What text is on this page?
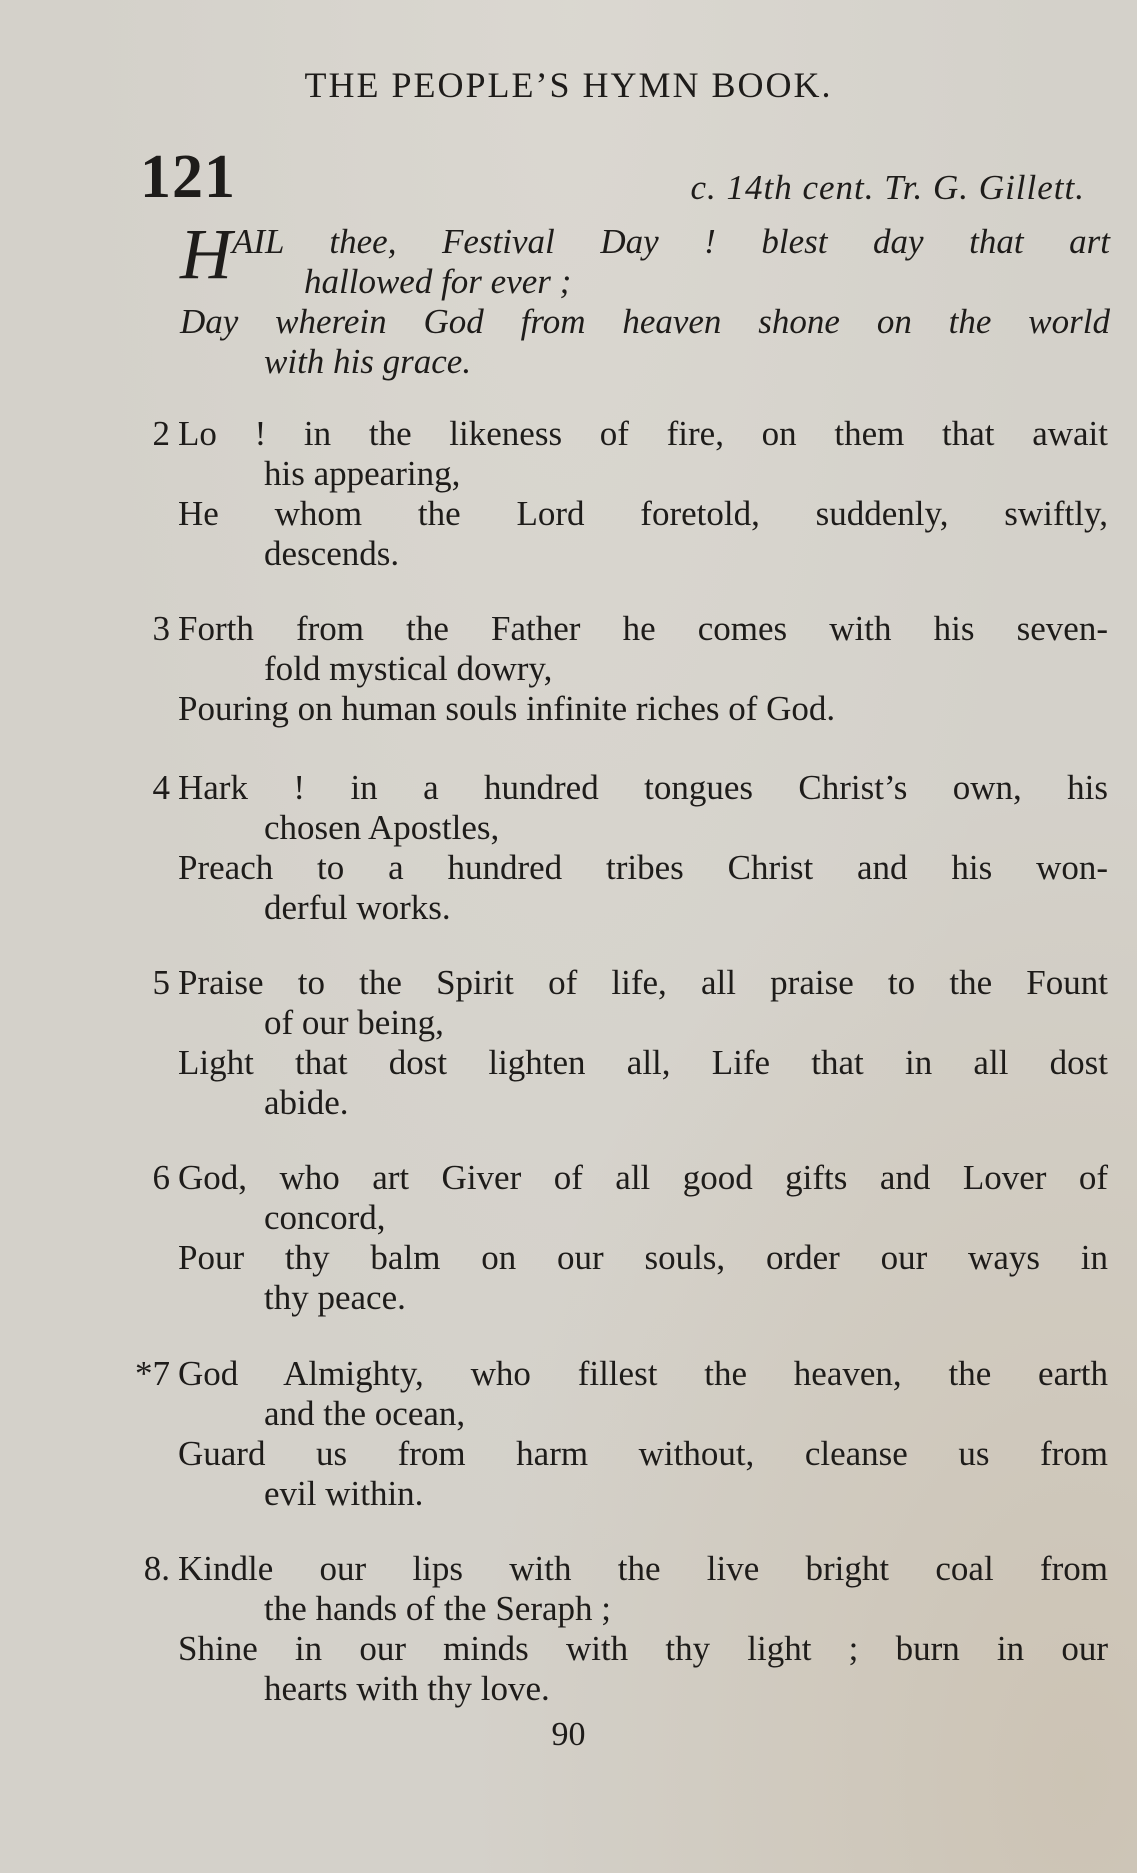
THE PEOPLE’S HYMN BOOK.
121	c. 14th cent. Tr. G. Gillett.
H AIL thee, Festival Day ! blest day that art
hallowed for ever ;
Day wherein God from heaven shone on the world
with his grace.
2 Lo ! in the likeness of fire, on them that await
his appearing,
He whom the Lord foretold, suddenly, swiftly,
descends.
3 Forth from the Father he comes with his seven-
fold mystical dowry,
Pouring on human souls infinite riches of God.
4 Hark ! in a hundred tongues Christ’s own, his
chosen Apostles,
Preach to a hundred tribes Christ and his won-
derful works.
5 Praise to the Spirit of life, all praise to the Fount
of our being,
Light that dost lighten all, Life that in all dost
abide.
6 God, who art Giver of all good gifts and Lover of
concord,
Pour thy balm on our souls, order our ways in
thy peace.
*7 God Almighty, who fillest the heaven, the earth
and the ocean,
Guard us from harm without, cleanse us from
evil within.
8. Kindle our lips with the live bright coal from
the hands of the Seraph ;
Shine in our minds with thy light ; burn in our
hearts with thy love.
90
